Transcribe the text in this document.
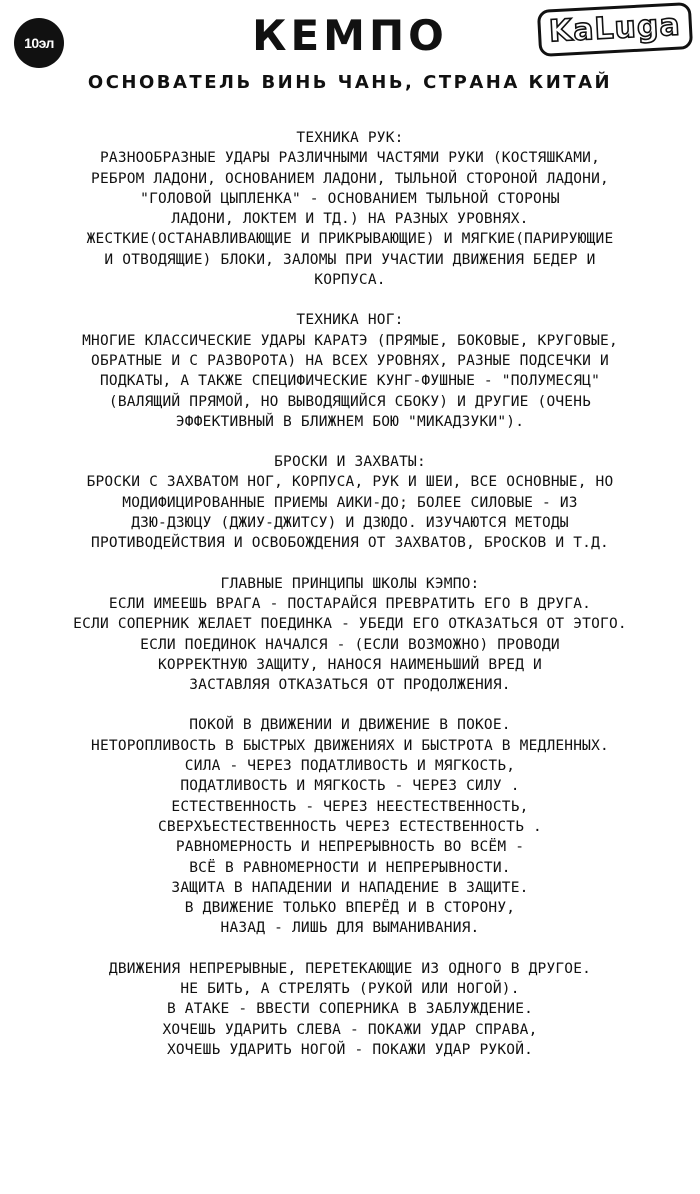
10эл	KaLuga
КЕМПО
ОСНОВАТЕЛЬ ВИНЬ ЧАНЬ, СТРАНА КИТАЙ
ТЕХНИКА РУК:
РАЗНООБРАЗНЫЕ УДАРЫ РАЗЛИЧНЫМИ ЧАСТЯМИ РУКИ (КОСТЯШКАМИ,
РЕБРОМ ЛАДОНИ, ОСНОВАНИЕМ ЛАДОНИ, ТЫЛЬНОЙ СТОРОНОЙ ЛАДОНИ,
"ГОЛОВОЙ ЦЫПЛЕНКА" - ОСНОВАНИЕМ ТЫЛЬНОЙ СТОРОНЫ
ЛАДОНИ, ЛОКТЕМ И ТД.) НА РАЗНЫХ УРОВНЯХ.
ЖЕСТКИЕ(ОСТАНАВЛИВАЮЩИЕ И ПРИКРЫВАЮЩИЕ) И МЯГКИЕ(ПАРИРУЮЩИЕ
И ОТВОДЯЩИЕ) БЛОКИ, ЗАЛОМЫ ПРИ УЧАСТИИ ДВИЖЕНИЯ БЕДЕР И
КОРПУСА.
ТЕХНИКА НОГ:
МНОГИЕ КЛАССИЧЕСКИЕ УДАРЫ КАРАТЭ (ПРЯМЫЕ, БОКОВЫЕ, КРУГОВЫЕ,
ОБРАТНЫЕ И С РАЗВОРОТА) НА ВСЕХ УРОВНЯХ, РАЗНЫЕ ПОДСЕЧКИ И
ПОДКАТЫ, А ТАКЖЕ СПЕЦИФИЧЕСКИЕ КУНГ-ФУШНЫЕ - "ПОЛУМЕСЯЦ"
(ВАЛЯЩИЙ ПРЯМОЙ, НО ВЫВОДЯЩИЙСЯ СБОКУ) И ДРУГИЕ (ОЧЕНЬ
ЭФФЕКТИВНЫЙ В БЛИЖНЕМ БОЮ "МИКАДЗУКИ").
БРОСКИ И ЗАХВАТЫ:
БРОСКИ С ЗАХВАТОМ НОГ, КОРПУСА, РУК И ШЕИ, ВСЕ ОСНОВНЫЕ, НО
МОДИФИЦИРОВАННЫЕ ПРИЕМЫ АИКИ-ДО; БОЛЕЕ СИЛОВЫЕ - ИЗ
ДЗЮ-ДЗЮЦУ (ДЖИУ-ДЖИТСУ) И ДЗЮДО. ИЗУЧАЮТСЯ МЕТОДЫ
ПРОТИВОДЕЙСТВИЯ И ОСВОБОЖДЕНИЯ ОТ ЗАХВАТОВ, БРОСКОВ И Т.Д.
ГЛАВНЫЕ ПРИНЦИПЫ ШКОЛЫ КЭМПО:
ЕСЛИ ИМЕЕШЬ ВРАГА - ПОСТАРАЙСЯ ПРЕВРАТИТЬ ЕГО В ДРУГА.
ЕСЛИ СОПЕРНИК ЖЕЛАЕТ ПОЕДИНКА - УБЕДИ ЕГО ОТКАЗАТЬСЯ ОТ ЭТОГО.
ЕСЛИ ПОЕДИНОК НАЧАЛСЯ - (ЕСЛИ ВОЗМОЖНО) ПРОВОДИ
КОРРЕКТНУЮ ЗАЩИТУ, НАНОСЯ НАИМЕНЬШИЙ ВРЕД И
ЗАСТАВЛЯЯ ОТКАЗАТЬСЯ ОТ ПРОДОЛЖЕНИЯ.
ПОКОЙ В ДВИЖЕНИИ И ДВИЖЕНИЕ В ПОКОЕ.
НЕТОРОПЛИВОСТЬ В БЫСТРЫХ ДВИЖЕНИЯХ И БЫСТРОТА В МЕДЛЕННЫХ.
СИЛА - ЧЕРЕЗ ПОДАТЛИВОСТЬ И МЯГКОСТЬ,
ПОДАТЛИВОСТЬ И МЯГКОСТЬ - ЧЕРЕЗ СИЛУ .
ЕСТЕСТВЕННОСТЬ - ЧЕРЕЗ НЕЕСТЕСТВЕННОСТЬ,
СВЕРХЪЕСТЕСТВЕННОСТЬ ЧЕРЕЗ ЕСТЕСТВЕННОСТЬ .
РАВНОМЕРНОСТЬ И НЕПРЕРЫВНОСТЬ ВО ВСЁМ -
ВСЁ В РАВНОМЕРНОСТИ И НЕПРЕРЫВНОСТИ.
ЗАЩИТА В НАПАДЕНИИ И НАПАДЕНИЕ В ЗАЩИТЕ.
В ДВИЖЕНИЕ ТОЛЬКО ВПЕРЁД И В СТОРОНУ,
НАЗАД - ЛИШЬ ДЛЯ ВЫМАНИВАНИЯ.
ДВИЖЕНИЯ НЕПРЕРЫВНЫЕ, ПЕРЕТЕКАЮЩИЕ ИЗ ОДНОГО В ДРУГОЕ.
НЕ БИТЬ, А СТРЕЛЯТЬ (РУКОЙ ИЛИ НОГОЙ).
В АТАКЕ - ВВЕСТИ СОПЕРНИКА В ЗАБЛУЖДЕНИЕ.
ХОЧЕШЬ УДАРИТЬ СЛЕВА - ПОКАЖИ УДАР СПРАВА,
ХОЧЕШЬ УДАРИТЬ НОГОЙ - ПОКАЖИ УДАР РУКОЙ.
